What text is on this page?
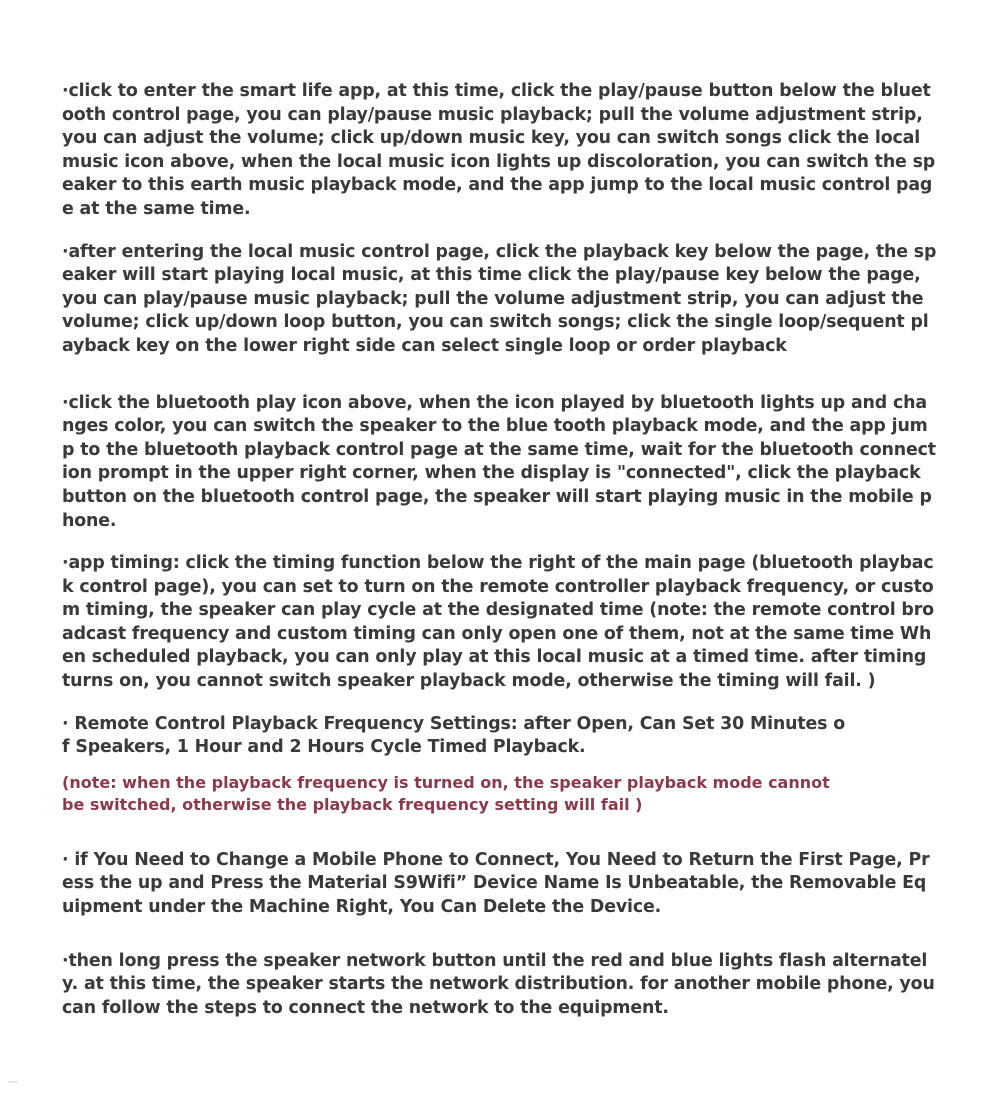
·click to enter the smart life app, at this time, click the play/pause button below the bluetooth control page, you can play/pause music playback; pull the volume adjustment strip, you can adjust the volume; click up/down music key, you can switch songs click the local music icon above, when the local music icon lights up discoloration, you can switch the speaker to this earth music playback mode, and the app jump to the local music control page at the same time.

·after entering the local music control page, click the playback key below the page, the speaker will start playing local music, at this time click the play/pause key below the page, you can play/pause music playback; pull the volume adjustment strip, you can adjust the volume; click up/down loop button, you can switch songs; click the single loop/sequent playback key on the lower right side can select single loop or order playback

·click the bluetooth play icon above, when the icon played by bluetooth lights up and changes color, you can switch the speaker to the blue tooth playback mode, and the app jump to the bluetooth playback control page at the same time, wait for the bluetooth connection prompt in the upper right corner, when the display is "connected", click the playback button on the bluetooth control page, the speaker will start playing music in the mobile phone.

·app timing: click the timing function below the right of the main page (bluetooth playback control page), you can set to turn on the remote controller playback frequency, or custom timing, the speaker can play cycle at the designated time (note: the remote control broadcast frequency and custom timing can only open one of them, not at the same time When scheduled playback, you can only play at this local music at a timed time. after timing turns on, you cannot switch speaker playback mode, otherwise the timing will fail. )

· Remote Control Playback Frequency Settings: after Open, Can Set 30 Minutes of Speakers, 1 Hour and 2 Hours Cycle Timed Playback.

(note: when the playback frequency is turned on, the speaker playback mode cannot be switched, otherwise the playback frequency setting will fail )

· if You Need to Change a Mobile Phone to Connect, You Need to Return the First Page, Press the up and Press the Material S9Wifi” Device Name Is Unbeatable, the Removable Equipment under the Machine Right, You Can Delete the Device.

·then long press the speaker network button until the red and blue lights flash alternately. at this time, the speaker starts the network distribution. for another mobile phone, you can follow the steps to connect the network to the equipment.
